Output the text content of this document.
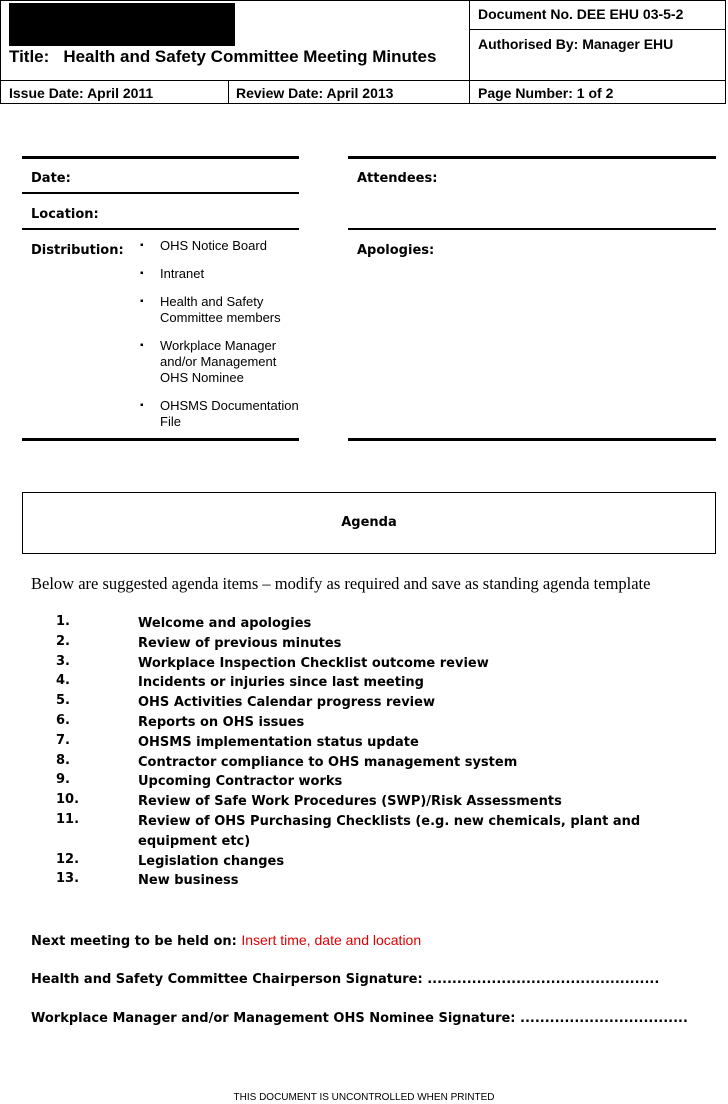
Title: Health and Safety Committee Meeting Minutes
Document No. DEE EHU 03-5-2
Authorised By: Manager EHU
Issue Date: April 2011	Review Date: April 2013	Page Number: 1 of 2
Date:
Location:
Distribution: ▪ OHS Notice Board
▪ Intranet
▪ Health and Safety Committee members
▪ Workplace Manager and/or Management OHS Nominee
▪ OHSMS Documentation File
Attendees:
Apologies:
Agenda
Below are suggested agenda items – modify as required and save as standing agenda template
1.	Welcome and apologies
2.	Review of previous minutes
3.	Workplace Inspection Checklist outcome review
4.	Incidents or injuries since last meeting
5.	OHS Activities Calendar progress review
6.	Reports on OHS issues
7.	OHSMS implementation status update
8.	Contractor compliance to OHS management system
9.	Upcoming Contractor works
10.	Review of Safe Work Procedures (SWP)/Risk Assessments
11.	Review of OHS Purchasing Checklists (e.g. new chemicals, plant and equipment etc)
12.	Legislation changes
13.	New business
Next meeting to be held on: Insert time, date and location
Health and Safety Committee Chairperson Signature: ...............................................
Workplace Manager and/or Management OHS Nominee Signature: ..................................
THIS DOCUMENT IS UNCONTROLLED WHEN PRINTED
